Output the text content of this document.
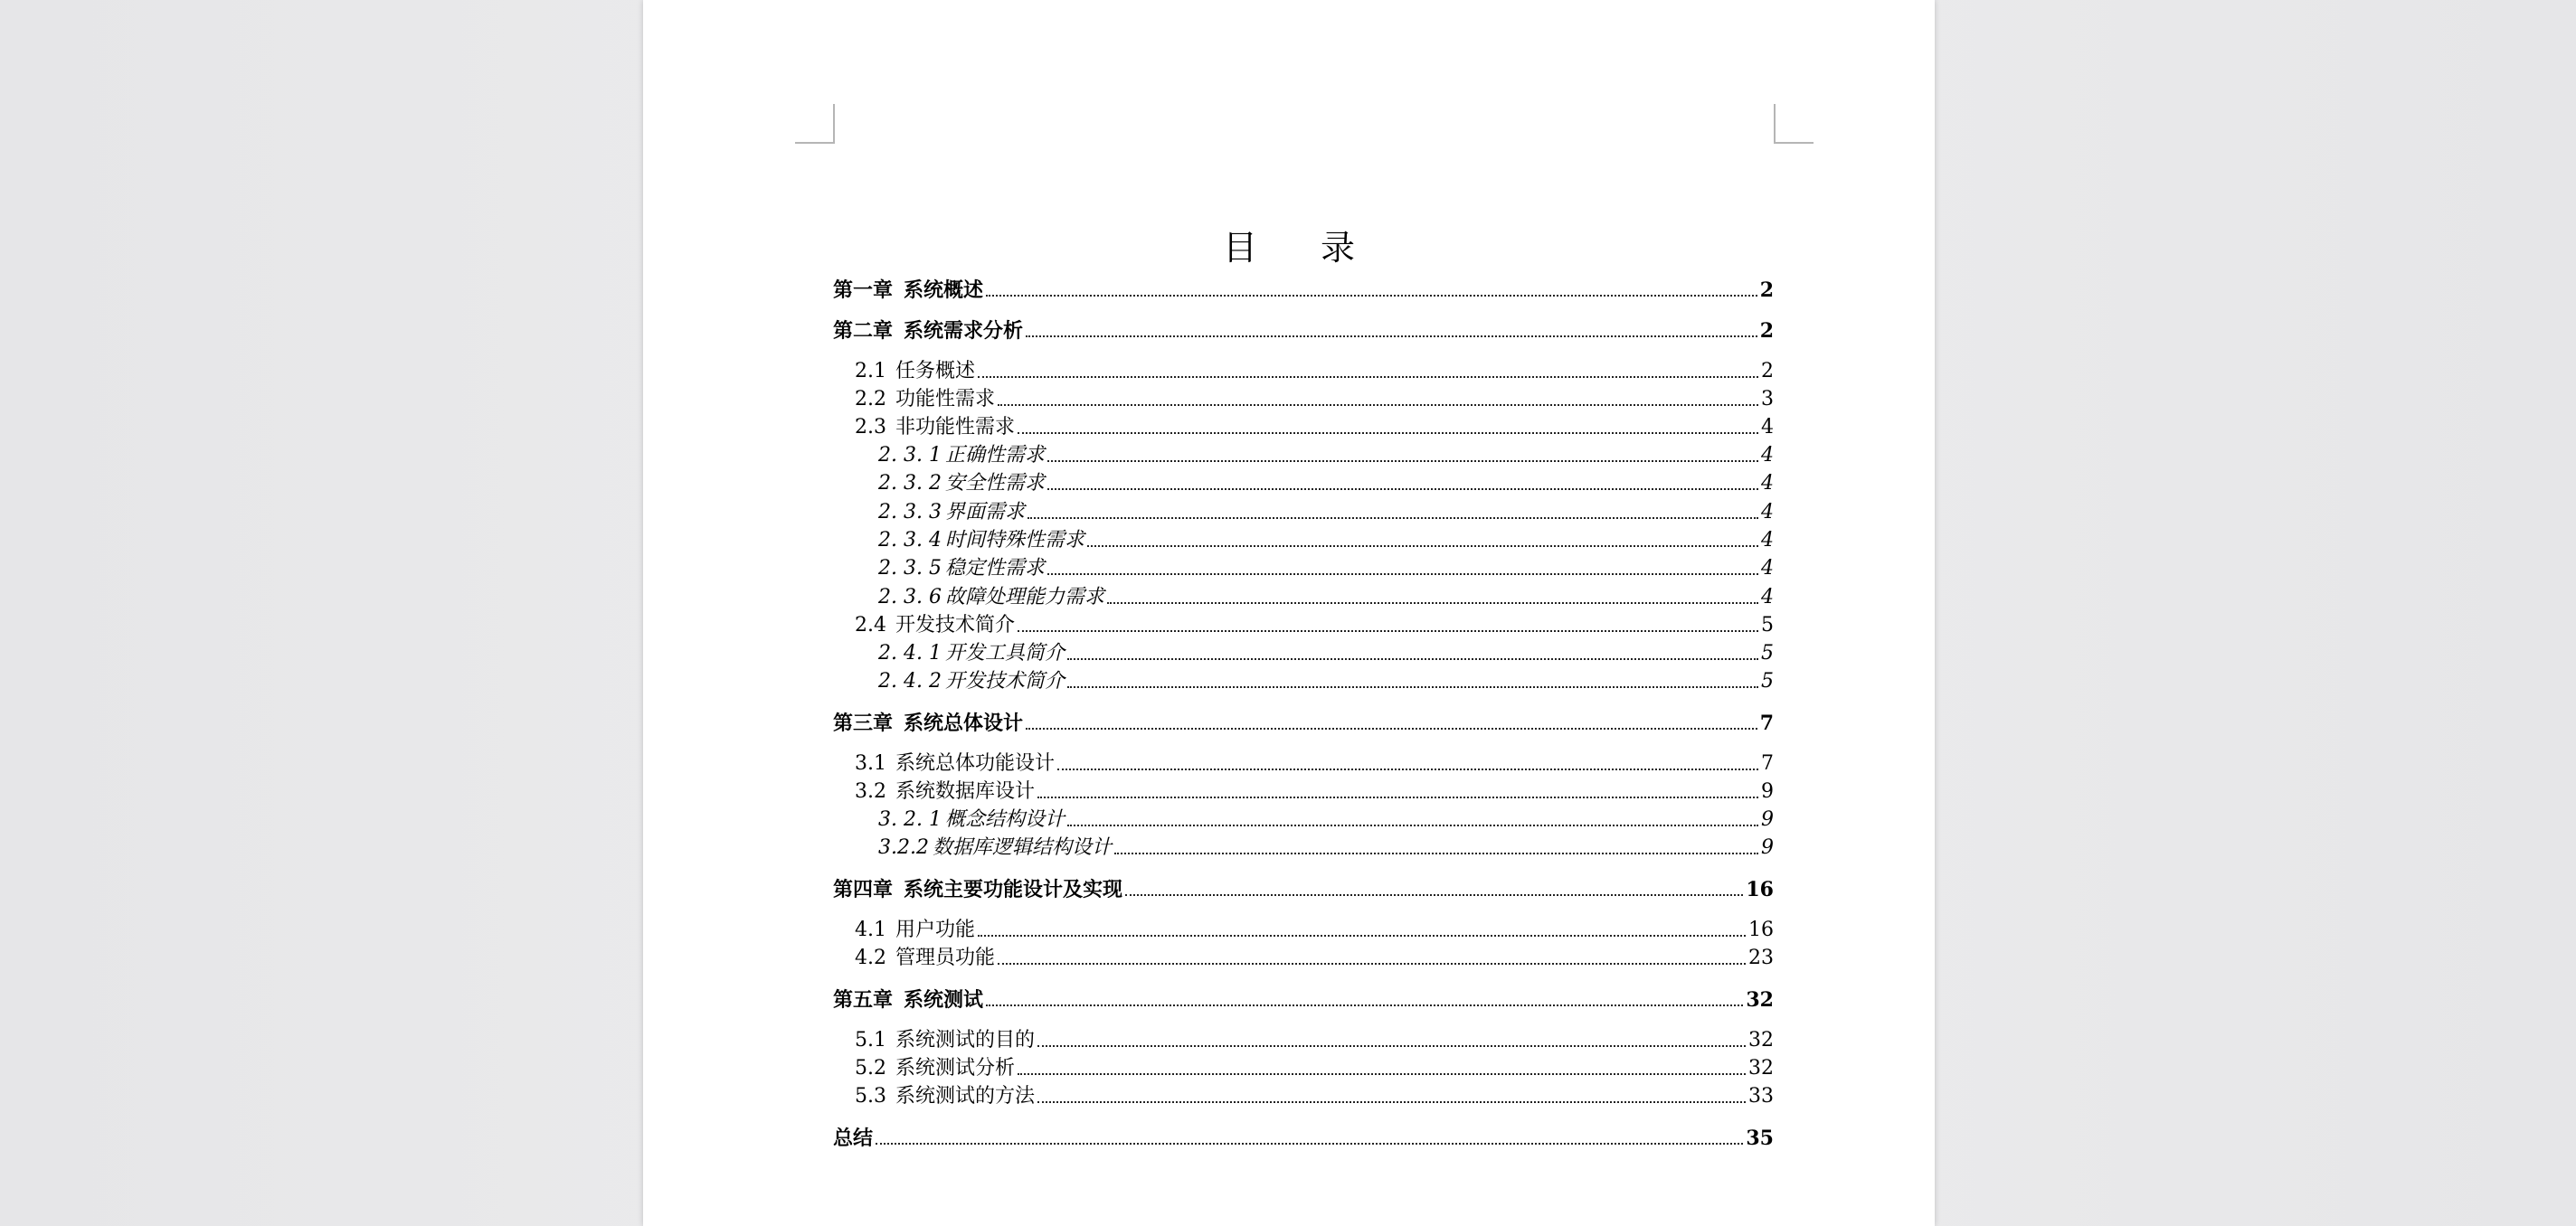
目 录
第一章 系统概述	2
第二章 系统需求分析	2
2.1 任务概述	2
2.2 功能性需求	3
2.3 非功能性需求	4
2. 3. 1 正确性需求	4
2. 3. 2 安全性需求	4
2. 3. 3 界面需求	4
2. 3. 4 时间特殊性需求	4
2. 3. 5 稳定性需求	4
2. 3. 6 故障处理能力需求	4
2.4 开发技术简介	5
2. 4. 1 开发工具简介	5
2. 4. 2 开发技术简介	5
第三章 系统总体设计	7
3.1 系统总体功能设计	7
3.2 系统数据库设计	9
3. 2. 1 概念结构设计	9
3.2.2 数据库逻辑结构设计	9
第四章 系统主要功能设计及实现	16
4.1 用户功能	16
4.2 管理员功能	23
第五章 系统测试	32
5.1 系统测试的目的	32
5.2 系统测试分析	32
5.3 系统测试的方法	33
总结	35
